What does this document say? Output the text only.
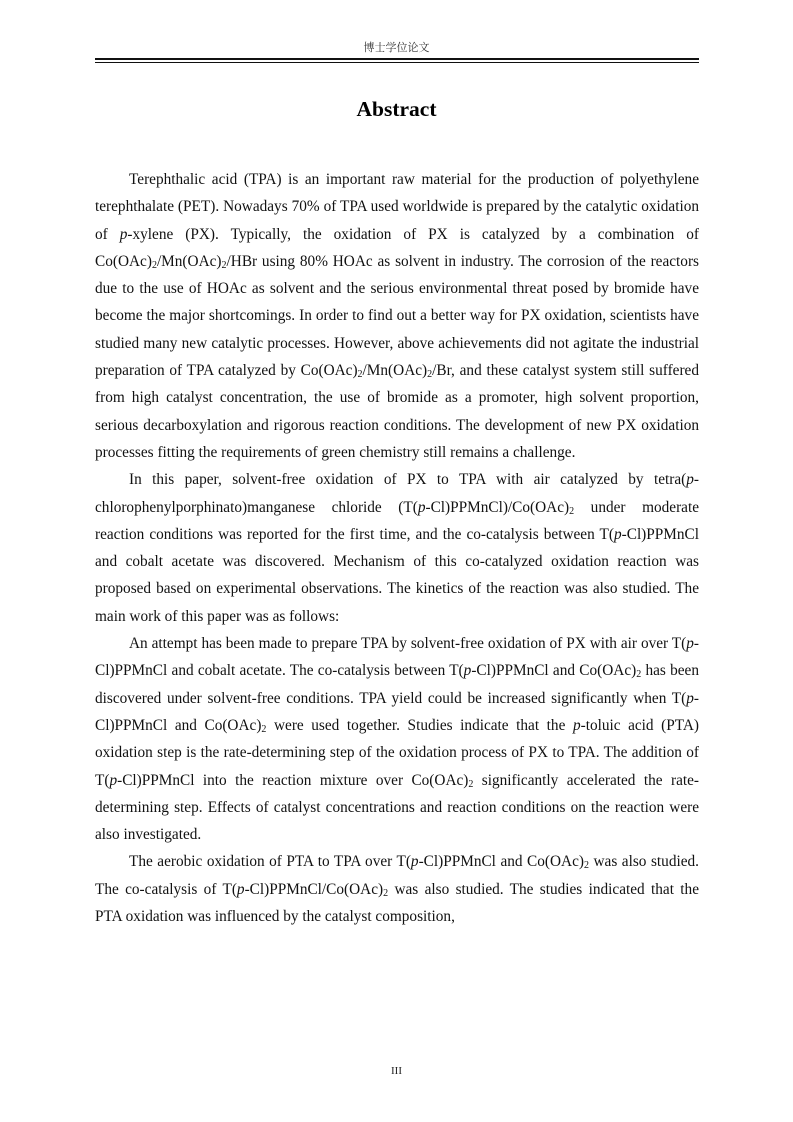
博士学位论文
Abstract

Terephthalic acid (TPA) is an important raw material for the production of polyethylene terephthalate (PET). Nowadays 70% of TPA used worldwide is prepared by the catalytic oxidation of p-xylene (PX). Typically, the oxidation of PX is catalyzed by a combination of $Co(OAc)_2/Mn(OAc)_2$/HBr using 80% HOAc as solvent in industry. The corrosion of the reactors due to the use of HOAc as solvent and the serious environmental threat posed by bromide have become the major shortcomings. In order to find out a better way for PX oxidation, scientists have studied many new catalytic processes. However, above achievements did not agitate the industrial preparation of TPA catalyzed by $Co(OAc)_2/Mn(OAc)_2/Br$, and these catalyst system still suffered from high catalyst concentration, the use of bromide as a promoter, high solvent proportion, serious decarboxylation and rigorous reaction conditions. The development of new PX oxidation processes fitting the requirements of green chemistry still remains a challenge.

In this paper, solvent-free oxidation of PX to TPA with air catalyzed by tetra(p-chlorophenylporphinato)manganese chloride $(T(p-Cl)PPMnCl)/Co(OAc)_2$ under moderate reaction conditions was reported for the first time, and the co-catalysis between T(p-Cl)PPMnCl and cobalt acetate was discovered. Mechanism of this co-catalyzed oxidation reaction was proposed based on experimental observations. The kinetics of the reaction was also studied. The main work of this paper was as follows:

An attempt has been made to prepare TPA by solvent-free oxidation of PX with air over T(p-Cl)PPMnCl and cobalt acetate. The co-catalysis between T(p-Cl)PPMnCl and $Co(OAc)_2$ has been discovered under solvent-free conditions. TPA yield could be increased significantly when T(p-Cl)PPMnCl and $Co(OAc)_2$ were used together. Studies indicate that the p-toluic acid (PTA) oxidation step is the rate-determining step of the oxidation process of PX to TPA. The addition of T(p-Cl)PPMnCl into the reaction mixture over $Co(OAc)_2$ significantly accelerated the rate-determining step. Effects of catalyst concentrations and reaction conditions on the reaction were also investigated.

The aerobic oxidation of PTA to TPA over T(p-Cl)PPMnCl and $Co(OAc)_2$ was also studied. The co-catalysis of $T(p-Cl)PPMnCl/Co(OAc)_2$ was also studied. The studies indicated that the PTA oxidation was influenced by the catalyst composition,

III
